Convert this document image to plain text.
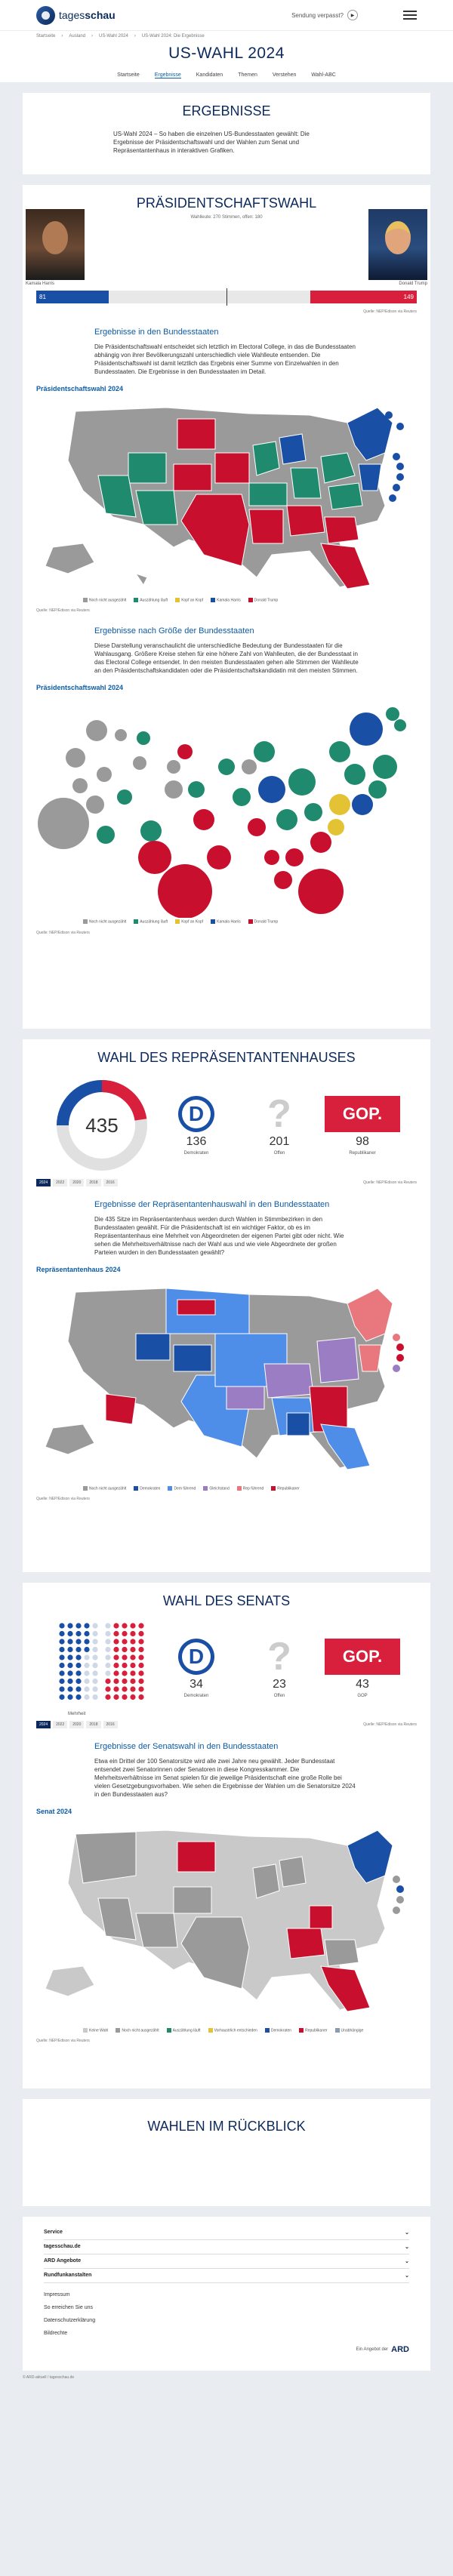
tagesschau	Sendung verpasst?	▶
Startseite › Ausland › US-Wahl 2024 › US-Wahl 2024: Die Ergebnisse
US-WAHL 2024
Startseite	Ergebnisse	Kandidaten	Themen	Verstehen	Wahl-ABC
ERGEBNISSE
US-Wahl 2024 – So haben die einzelnen US-Bundesstaaten gewählt: Die Ergebnisse der Präsidentschaftswahl und der Wahlen zum Senat und Repräsentantenhaus in interaktiven Grafiken.
PRÄSIDENTSCHAFTSWAHL
Wahlleute: 270 Stimmen, offen: 180
Kamala Harris	Donald Trump
81	149
Quelle: NEP/Edison via Reuters
Ergebnisse in den Bundesstaaten
Die Präsidentschaftswahl entscheidet sich letztlich im Electoral College, in das die Bundesstaaten abhängig von ihrer Bevölkerungszahl unterschiedlich viele Wahlleute entsenden. Die Präsidentschaftswahl ist damit letztlich das Ergebnis einer Summe von Einzelwahlen in den Bundesstaaten. Die Ergebnisse in den Bundesstaaten im Detail.
Präsidentschaftswahl 2024
Noch nicht ausgezählt	Auszählung läuft	Kopf an Kopf	Kamala Harris	Donald Trump
Quelle: NEP/Edison via Reuters
Ergebnisse nach Größe der Bundesstaaten
Diese Darstellung veranschaulicht die unterschiedliche Bedeutung der Bundesstaaten für die Wahlausgang. Größere Kreise stehen für eine höhere Zahl von Wahlleuten, die der Bundesstaat in das Electoral College entsendet. In den meisten Bundesstaaten gehen alle Stimmen der Wahlleute an den Präsidentschaftskandidaten oder die Präsidentschaftskandidatin mit den meisten Stimmen.
Präsidentschaftswahl 2024
Noch nicht ausgezählt	Auszählung läuft	Kopf an Kopf	Kamala Harris	Donald Trump
Quelle: NEP/Edison via Reuters
WAHL DES REPRÄSENTANTENHAUSES
435
D
136
Demokraten
?
201
Offen
GOP.
98
Republikaner
2024	2022	2020	2018	2016	Quelle: NEP/Edison via Reuters
Ergebnisse der Repräsentantenhauswahl in den Bundesstaaten
Die 435 Sitze im Repräsentantenhaus werden durch Wahlen in Stimmbezirken in den Bundesstaaten gewählt. Für die Präsidentschaft ist ein wichtiger Faktor, ob es im Repräsentantenhaus eine Mehrheit von Abgeordneten der eigenen Partei gibt oder nicht. Wie sehen die Mehrheitsverhältnisse nach der Wahl aus und wie viele Abgeordnete der großen Parteien wurden in den Bundesstaaten gewählt?
Repräsentantenhaus 2024
Noch nicht ausgezählt	Demokraten	Dem führend	Gleichstand	Rep führend	Republikaner
Quelle: NEP/Edison via Reuters
WAHL DES SENATS
Mehrheit
D
34
Demokraten
?
23
Offen
GOP.
43
GOP
2024	2022	2020	2018	2016	Quelle: NEP/Edison via Reuters
Ergebnisse der Senatswahl in den Bundesstaaten
Etwa ein Drittel der 100 Senatorsitze wird alle zwei Jahre neu gewählt. Jeder Bundesstaat entsendet zwei Senatorinnen oder Senatoren in diese Kongresskammer. Die Mehrheitsverhältnisse im Senat spielen für die jeweilige Präsidentschaft eine große Rolle bei vielen Gesetzgebungsvorhaben. Wie sehen die Ergebnisse der Wahlen um die Senatorsitze 2024 in den Bundesstaaten aus?
Senat 2024
Keine Wahl	Noch nicht ausgezählt	Auszählung läuft	Vorhaustrlich entschieden	Demokraten	Republikaner	Unabhängige
Quelle: NEP/Edison via Reuters
WAHLEN IM RÜCKBLICK
Service	⌄
tagesschau.de	⌄
ARD Angebote	⌄
Rundfunkanstalten	⌄
Impressum
So erreichen Sie uns
Datenschutzerklärung
Bildrechte
Ein Angebot der ARD
© ARD-aktuell / tagesschau.de
